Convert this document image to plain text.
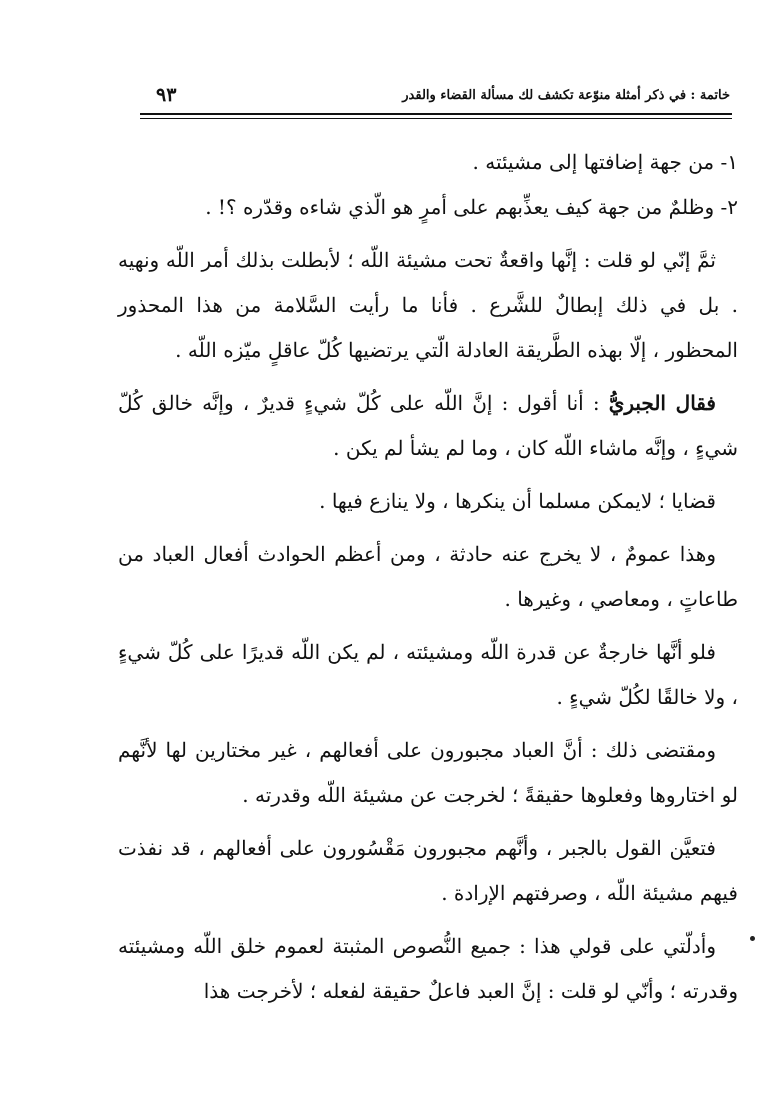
خاتمة : في ذكر أمثلة منوّعة تكشف لك مسألة القضاء والقدر
٩٣

١- من جهة إضافتها إلى مشيئته .

٢- وظلمٌ من جهة كيف يعذِّبهم على أمرٍ هو الّذي شاءه وقدّره ؟! .

ثمَّ إنّي لو قلت : إنَّها واقعةٌ تحت مشيئة اللّه ؛ لأبطلت بذلك أمر اللّه ونهيه . بل في ذلك إبطالٌ للشَّرع . فأنا ما رأيت السَّلامة من هذا المحذور المحظور ، إلّا بهذه الطَّريقة العادلة الّتي يرتضيها كُلّ عاقلٍ ميّزه اللّه .

فقال الجبريُّ : أنا أقول : إنَّ اللّه على كُلّ شيءٍ قديرٌ ، وإنَّه خالق كُلّ شيءٍ ، وإنَّه ماشاء اللّه كان ، وما لم يشأ لم يكن .

قضايا ؛ لايمكن مسلما أن ينكرها ، ولا ينازع فيها .

وهذا عمومٌ ، لا يخرج عنه حادثة ، ومن أعظم الحوادث أفعال العباد من طاعاتٍ ، ومعاصي ، وغيرها .

فلو أنَّها خارجةٌ عن قدرة اللّه ومشيئته ، لم يكن اللّه قديرًا على كُلّ شيءٍ ، ولا خالقًا لكُلّ شيءٍ .

ومقتضى ذلك : أنَّ العباد مجبورون على أفعالهم ، غير مختارين لها لأنَّهم لو اختاروها وفعلوها حقيقةً ؛ لخرجت عن مشيئة اللّه وقدرته .

فتعيَّن القول بالجبر ، وأنَّهم مجبورون مَقْسُورون على أفعالهم ، قد نفذت فيهم مشيئة اللّه ، وصرفتهم الإرادة .

وأدلّتي على قولي هذا : جميع النُّصوص المثبتة لعموم خلق اللّه ومشيئته وقدرته ؛ وأنّي لو قلت : إنَّ العبد فاعلٌ حقيقة لفعله ؛ لأخرجت هذا
